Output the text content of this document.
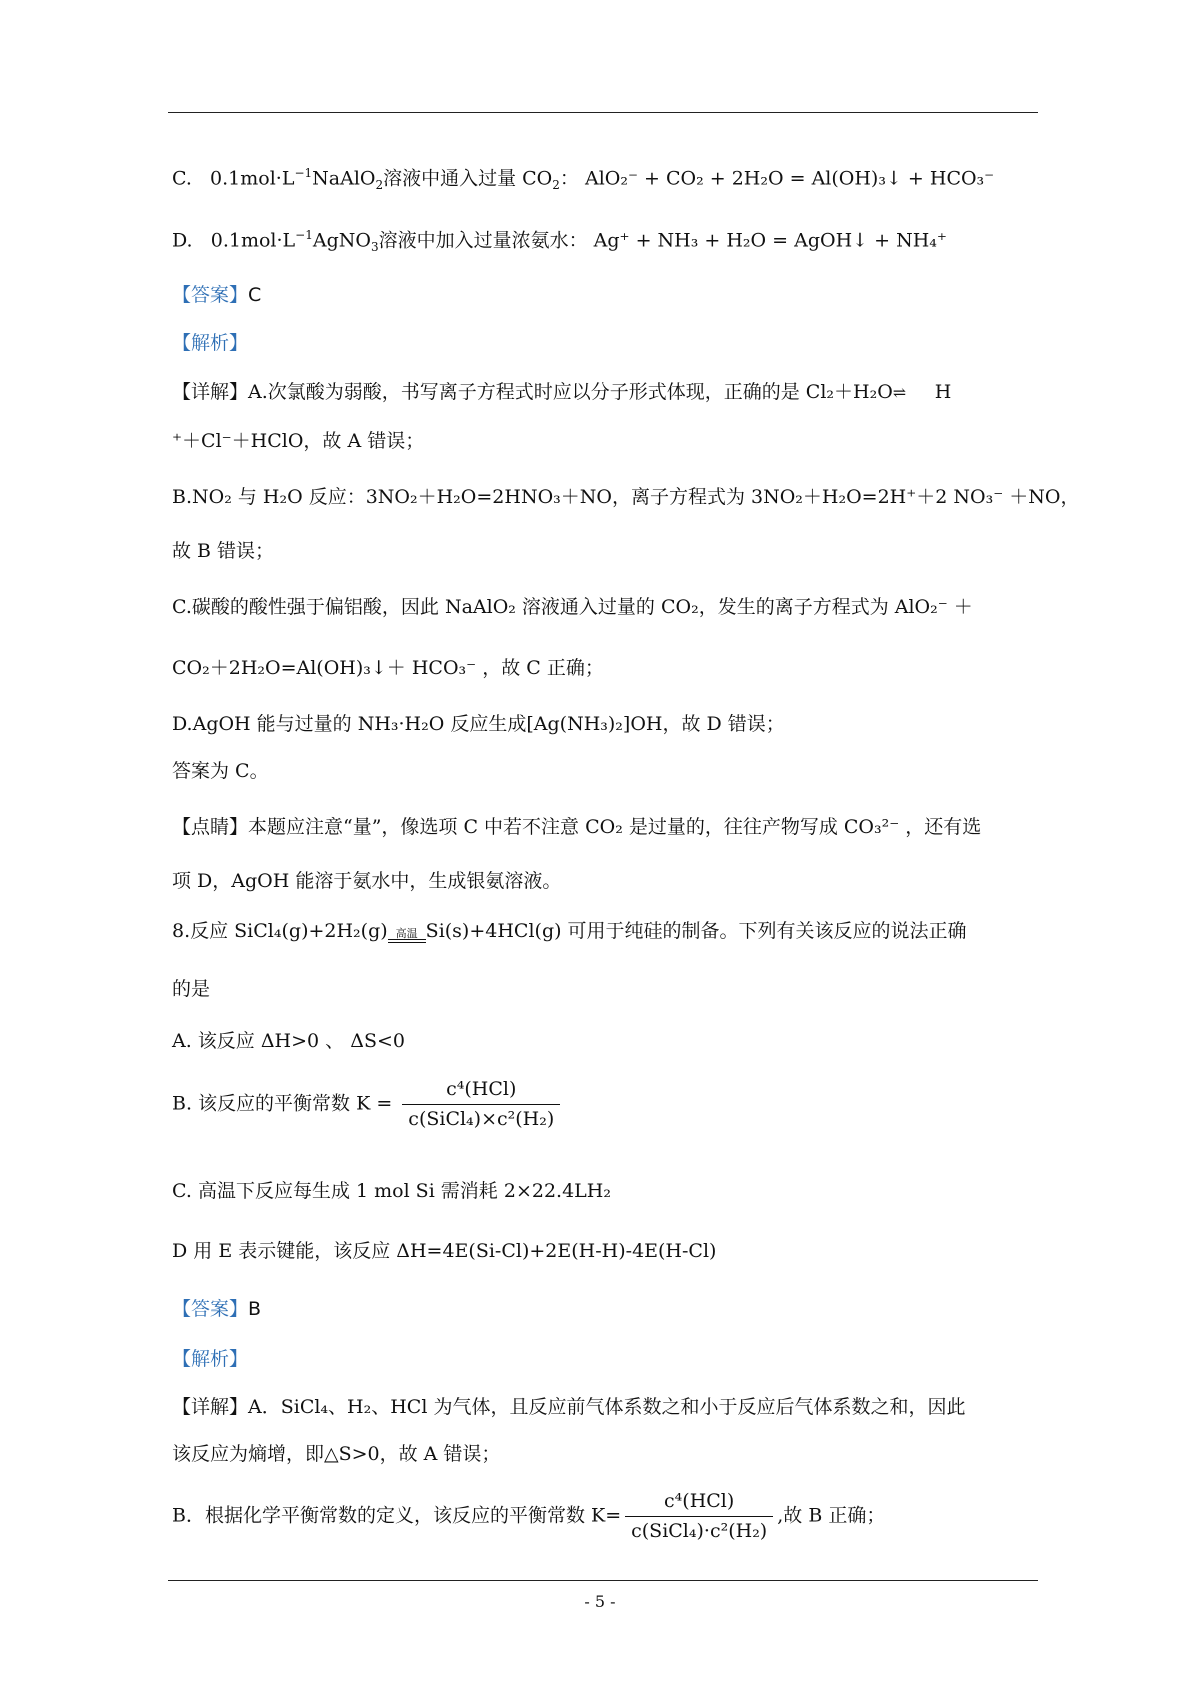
C. $0.1mol\cdot L^{-1}NaAlO_2$溶液中通入过量 $CO_2$： AlO₂⁻ + CO₂ + 2H₂O = Al(OH)₃↓ + HCO₃⁻
D. $0.1mol\cdot L^{-1}AgNO_3$溶液中加入过量浓氨水： Ag⁺ + NH₃ + H₂O = AgOH↓ + NH₄⁺
【答案】C
【解析】
【详解】A.次氯酸为弱酸，书写离子方程式时应以分子形式体现，正确的是 Cl₂＋H₂O⇌ H
⁺＋Cl⁻＋HClO，故 A 错误；
B.NO₂ 与 H₂O 反应：3NO₂＋H₂O=2HNO₃＋NO，离子方程式为 3NO₂＋H₂O=2H⁺＋2 NO₃⁻ ＋NO，
故 B 错误；
C.碳酸的酸性强于偏铝酸，因此 NaAlO₂ 溶液通入过量的 CO₂，发生的离子方程式为 AlO₂⁻ ＋
CO₂＋2H₂O=Al(OH)₃↓＋ HCO₃⁻ ，故 C 正确；
D.AgOH 能与过量的 NH₃·H₂O 反应生成[Ag(NH₃)₂]OH，故 D 错误；
答案为 C。
【点睛】本题应注意“量”，像选项 C 中若不注意 CO₂ 是过量的，往往产物写成 CO₃²⁻ ，还有选
项 D，AgOH 能溶于氨水中，生成银氨溶液。
8.反应 SiCl₄(g)+2H₂(g) 高温 Si(s)+4HCl(g) 可用于纯硅的制备。下列有关该反应的说法正确
的是
A. 该反应 ΔH>0 、 ΔS<0
B. 该反应的平衡常数 $K = \frac{\text{c⁴(HCl)}}{\text{c(SiCl₄)×c²(H₂)}}$
C. 高温下反应每生成 1 mol Si 需消耗 2×22.4LH₂
D 用 E 表示键能，该反应 ΔH=4E(Si-Cl)+2E(H-H)-4E(H-Cl)
【答案】B
【解析】
【详解】A．SiCl₄、H₂、HCl 为气体，且反应前气体系数之和小于反应后气体系数之和，因此
该反应为熵增，即△S>0，故 A 错误；
B．根据化学平衡常数的定义，该反应的平衡常数 $K= \frac{\text{c⁴(HCl)}}{\text{c(SiCl₄)·c²(H₂)}}$ ,故 B 正确；
- 5 -
